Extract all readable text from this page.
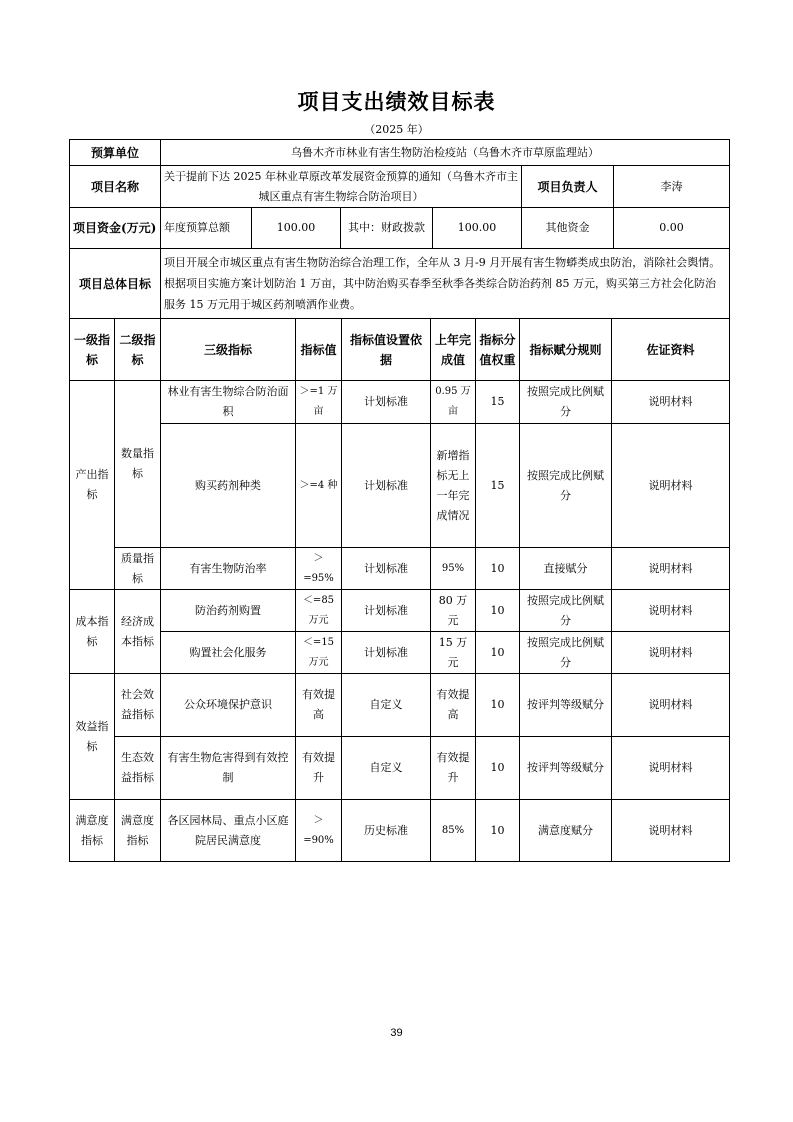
项目支出绩效目标表
（2025 年）
预算单位	乌鲁木齐市林业有害生物防治检疫站（乌鲁木齐市草原监理站）					
项目名称	关于提前下达 2025 年林业草原改革发展资金预算的通知（乌鲁木齐市主城区重点有害生物综合防治项目）				项目负责人	李涛
项目资金(万元)	年度预算总额	100.00	其中：财政拨款	100.00	其他资金	0.00
项目总体目标	项目开展全市城区重点有害生物防治综合治理工作，全年从 3 月-9 月开展有害生物蟒类成虫防治，消除社会舆情。根据项目实施方案计划防治 1 万亩，其中防治购买春季至秋季各类综合防治药剂 85 万元，购买第三方社会化防治服务 15 万元用于城区药剂喷洒作业费。					
一级指标	二级指标	三级指标	指标值	指标值设置依据	上年完成值	指标分值权重	指标赋分规则	佐证资料
产出指标	数量指标	林业有害生物综合防治面积	＞=1 万亩	计划标准	0.95 万亩	15	按照完成比例赋分	说明材料
		购买药剂种类	＞=4 种	计划标准	新增指标无上一年完成情况	15	按照完成比例赋分	说明材料
	质量指标	有害生物防治率	＞=95%	计划标准	95%	10	直接赋分	说明材料
成本指标	经济成本指标	防治药剂购置	＜=85 万元	计划标准	80 万元	10	按照完成比例赋分	说明材料
		购置社会化服务	＜=15 万元	计划标准	15 万元	10	按照完成比例赋分	说明材料
效益指标	社会效益指标	公众环境保护意识	有效提高	自定义	有效提高	10	按评判等级赋分	说明材料
	生态效益指标	有害生物危害得到有效控制	有效提升	自定义	有效提升	10	按评判等级赋分	说明材料
满意度指标	满意度指标	各区园林局、重点小区庭院居民满意度	＞=90%	历史标准	85%	10	满意度赋分	说明材料
39
